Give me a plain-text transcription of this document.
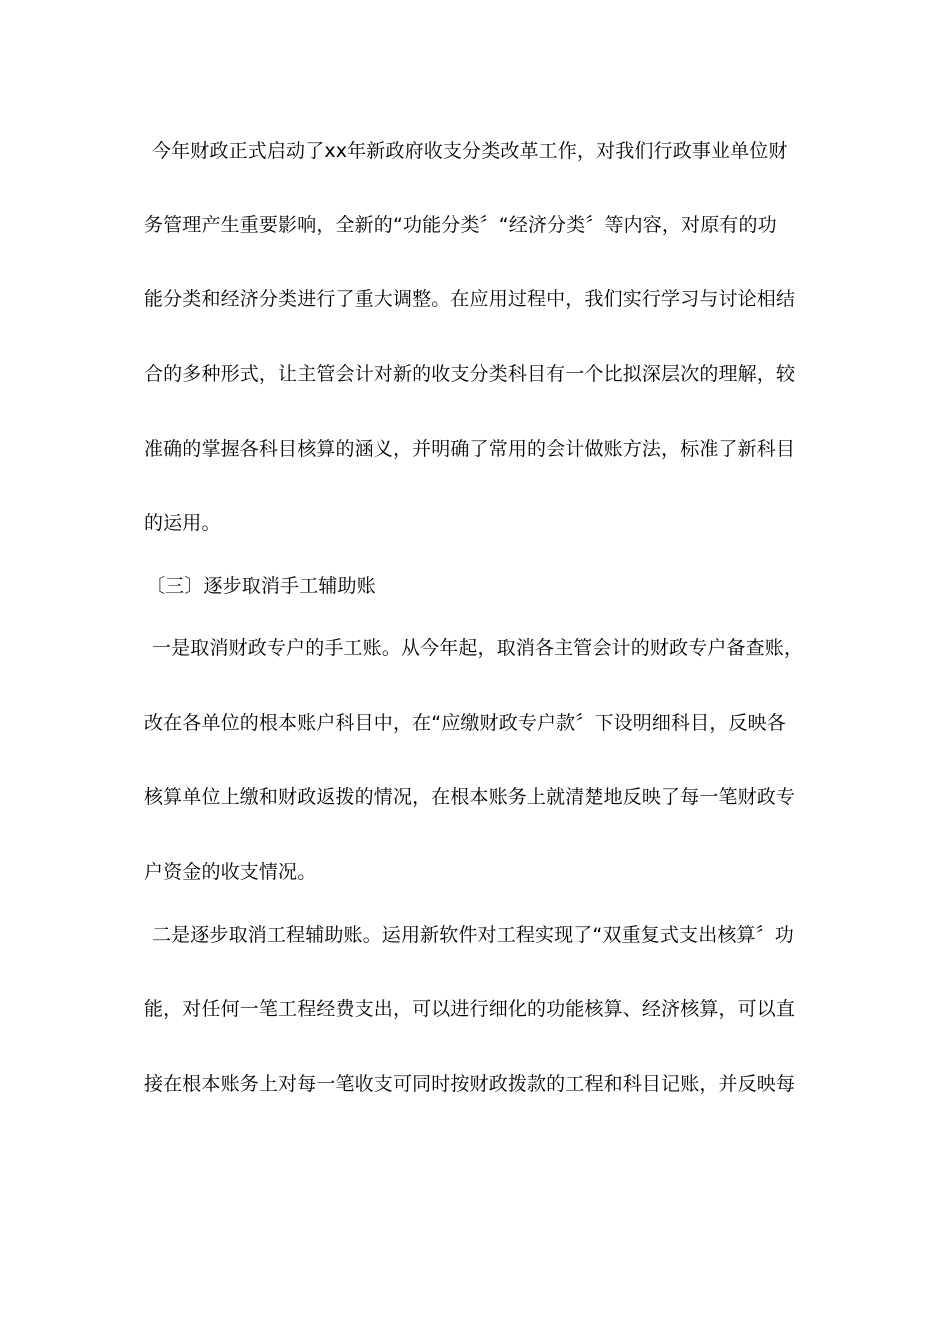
今年财政正式启动了xx年新政府收支分类改革工作，对我们行政事业单位财
务管理产生重要影响，全新的“功能分类〞“经济分类〞等内容，对原有的功
能分类和经济分类进行了重大调整。在应用过程中，我们实行学习与讨论相结
合的多种形式，让主管会计对新的收支分类科目有一个比拟深层次的理解，较
准确的掌握各科目核算的涵义，并明确了常用的会计做账方法，标准了新科目
的运用。
〔三〕逐步取消手工辅助账
一是取消财政专户的手工账。从今年起，取消各主管会计的财政专户备查账，
改在各单位的根本账户科目中，在“应缴财政专户款〞下设明细科目，反映各
核算单位上缴和财政返拨的情况，在根本账务上就清楚地反映了每一笔财政专
户资金的收支情况。
二是逐步取消工程辅助账。运用新软件对工程实现了“双重复式支出核算〞功
能，对任何一笔工程经费支出，可以进行细化的功能核算、经济核算，可以直
接在根本账务上对每一笔收支可同时按财政拨款的工程和科目记账，并反映每
